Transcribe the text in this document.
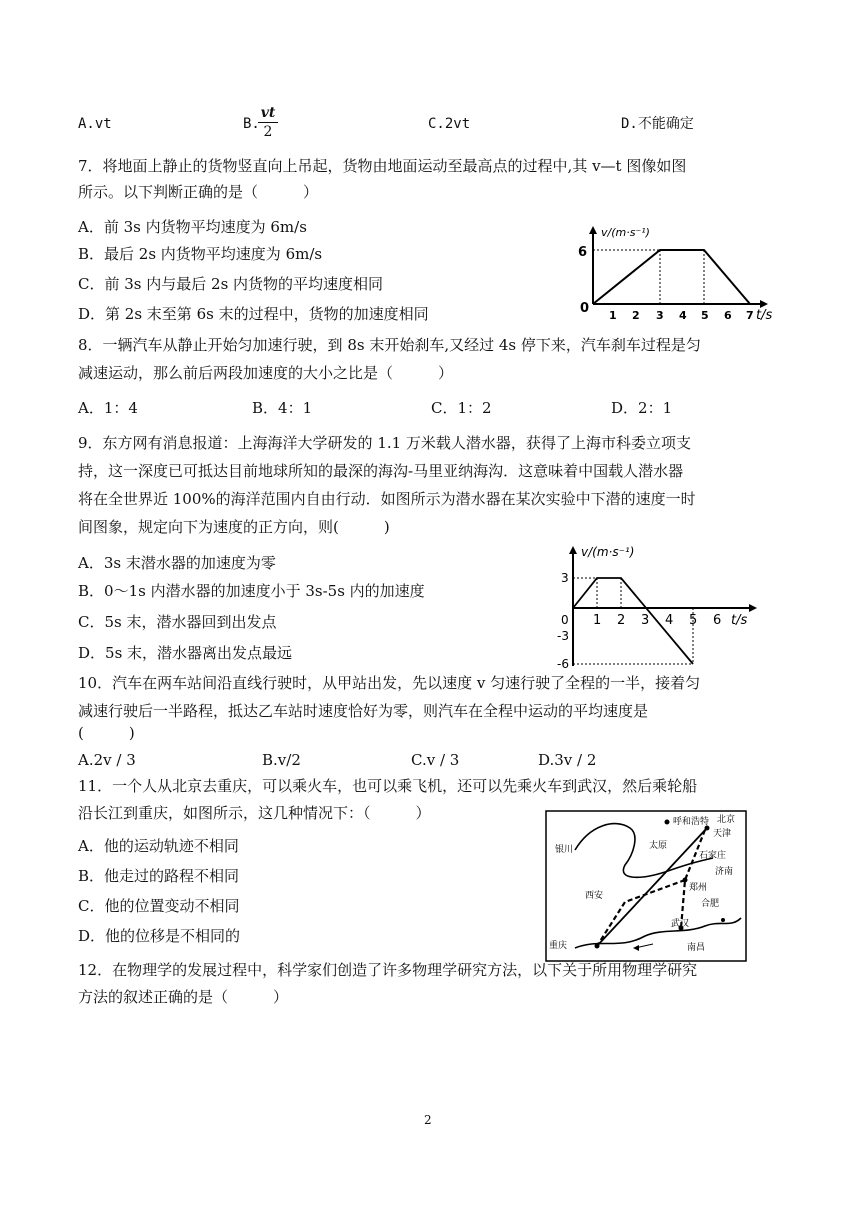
A.vt	B.
$\frac{vt}{2}$	C.2vt	D.不能确定
7．将地面上静止的货物竖直向上吊起，货物由地面运动至最高点的过程中,其 v—t 图像如图
所示。以下判断正确的是（　　　）
A．前 3s 内货物平均速度为 6m/s
B．最后 2s 内货物平均速度为 6m/s
C．前 3s 内与最后 2s 内货物的平均速度相同
D．第 2s 末至第 6s 末的过程中，货物的加速度相同
v/(m·s⁻¹)
6
0 1 2 3 4 5 6 7 t/s
8．一辆汽车从静止开始匀加速行驶，到 8s 末开始刹车,又经过 4s 停下来，汽车刹车过程是匀
减速运动，那么前后两段加速度的大小之比是（　　　）
A．1：4	B．4：1	C．1：2	D．2：1
9．东方网有消息报道：上海海洋大学研发的 1.1 万米载人潜水器，获得了上海市科委立项支
持，这一深度已可抵达目前地球所知的最深的海沟-马里亚纳海沟．这意味着中国载人潜水器
将在全世界近 100%的海洋范围内自由行动．如图所示为潜水器在某次实验中下潜的速度一时
间图象，规定向下为速度的正方向，则(　　　)
A．3s 末潜水器的加速度为零
B．0～1s 内潜水器的加速度小于 3s-5s 内的加速度
C．5s 末，潜水器回到出发点
D．5s 末，潜水器离出发点最远
v/(m·s⁻¹)
3
0
-3
-6
1 2 3 4 5 6 t/s
10．汽车在两车站间沿直线行驶时，从甲站出发，先以速度 v 匀速行驶了全程的一半，接着匀
减速行驶后一半路程，抵达乙车站时速度恰好为零，则汽车在全程中运动的平均速度是
(　　　)
A.2v / 3	B.v/2	C.v / 3	D.3v / 2
11．一个人从北京去重庆，可以乘火车，也可以乘飞机，还可以先乘火车到武汉，然后乘轮船
沿长江到重庆，如图所示，这几种情况下：（　　　）
A．他的运动轨迹不相同
B．他走过的路程不相同
C．他的位置变动不相同
D．他的位移是不相同的
呼和浩特 北京
天津
银川	太原
石家庄
济南
西安
郑州
合肥
武汉
重庆	南昌
12．在物理学的发展过程中，科学家们创造了许多物理学研究方法，以下关于所用物理学研究
方法的叙述正确的是（　　　）
2
